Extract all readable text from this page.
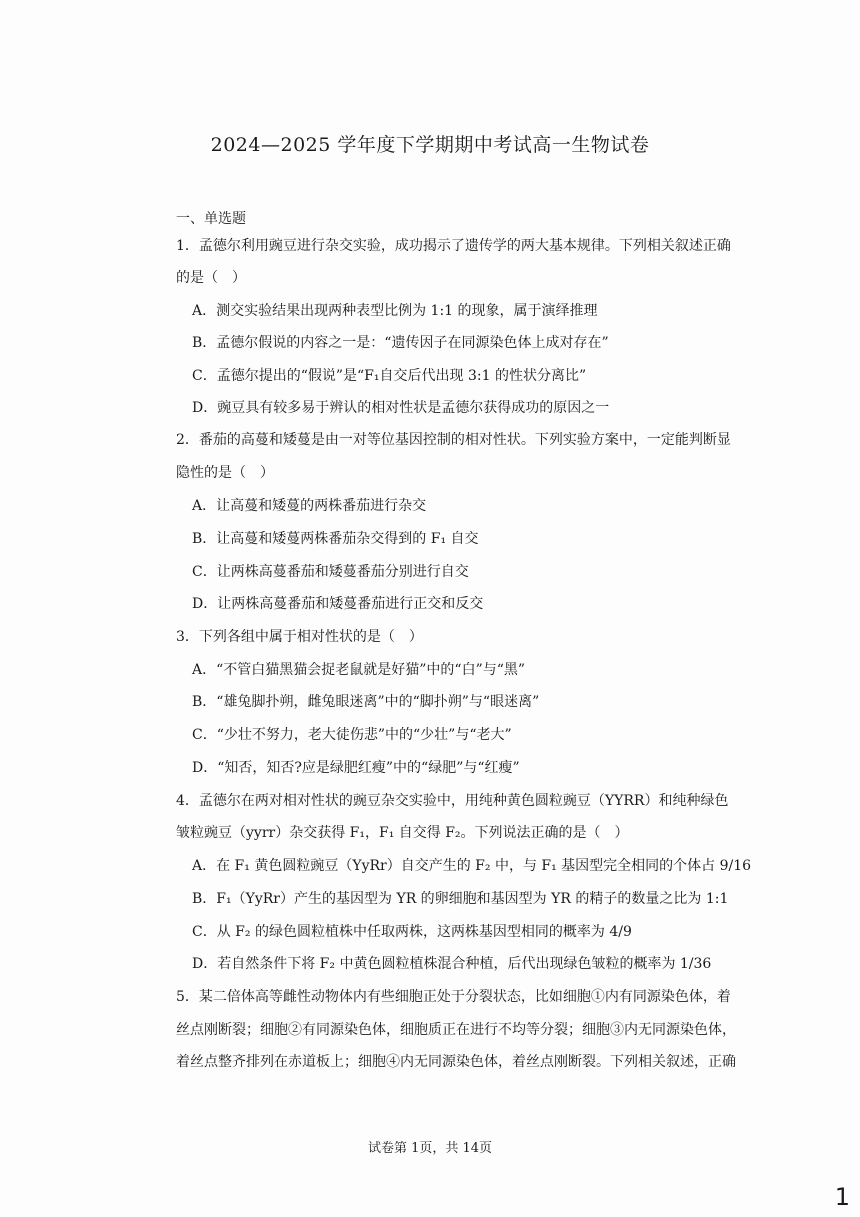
2024—2025 学年度下学期期中考试高一生物试卷
一、单选题
1．孟德尔利用豌豆进行杂交实验，成功揭示了遗传学的两大基本规律。下列相关叙述正确
的是（　）
A．测交实验结果出现两种表型比例为 1:1 的现象，属于演绎推理
B．孟德尔假说的内容之一是：“遗传因子在同源染色体上成对存在”
C．孟德尔提出的“假说”是“F₁自交后代出现 3:1 的性状分离比”
D．豌豆具有较多易于辨认的相对性状是孟德尔获得成功的原因之一
2．番茄的高蔓和矮蔓是由一对等位基因控制的相对性状。下列实验方案中，一定能判断显
隐性的是（　）
A．让高蔓和矮蔓的两株番茄进行杂交
B．让高蔓和矮蔓两株番茄杂交得到的 F₁ 自交
C．让两株高蔓番茄和矮蔓番茄分别进行自交
D．让两株高蔓番茄和矮蔓番茄进行正交和反交
3．下列各组中属于相对性状的是（　）
A．“不管白猫黑猫会捉老鼠就是好猫”中的“白”与“黑”
B．“雄兔脚扑朔，雌兔眼迷离”中的“脚扑朔”与“眼迷离”
C．“少壮不努力，老大徒伤悲”中的“少壮”与“老大”
D．“知否，知否?应是绿肥红瘦”中的“绿肥”与“红瘦”
4．孟德尔在两对相对性状的豌豆杂交实验中，用纯种黄色圆粒豌豆（YYRR）和纯种绿色
皱粒豌豆（yyrr）杂交获得 F₁，F₁ 自交得 F₂。下列说法正确的是（　）
A．在 F₁ 黄色圆粒豌豆（YyRr）自交产生的 F₂ 中，与 F₁ 基因型完全相同的个体占 9/16
B．F₁（YyRr）产生的基因型为 YR 的卵细胞和基因型为 YR 的精子的数量之比为 1:1
C．从 F₂ 的绿色圆粒植株中任取两株，这两株基因型相同的概率为 4/9
D．若自然条件下将 F₂ 中黄色圆粒植株混合种植，后代出现绿色皱粒的概率为 1/36
5．某二倍体高等雌性动物体内有些细胞正处于分裂状态，比如细胞①内有同源染色体，着
丝点刚断裂；细胞②有同源染色体，细胞质正在进行不均等分裂；细胞③内无同源染色体，
着丝点整齐排列在赤道板上；细胞④内无同源染色体，着丝点刚断裂。下列相关叙述，正确
试卷第 1页，共 14页
1
